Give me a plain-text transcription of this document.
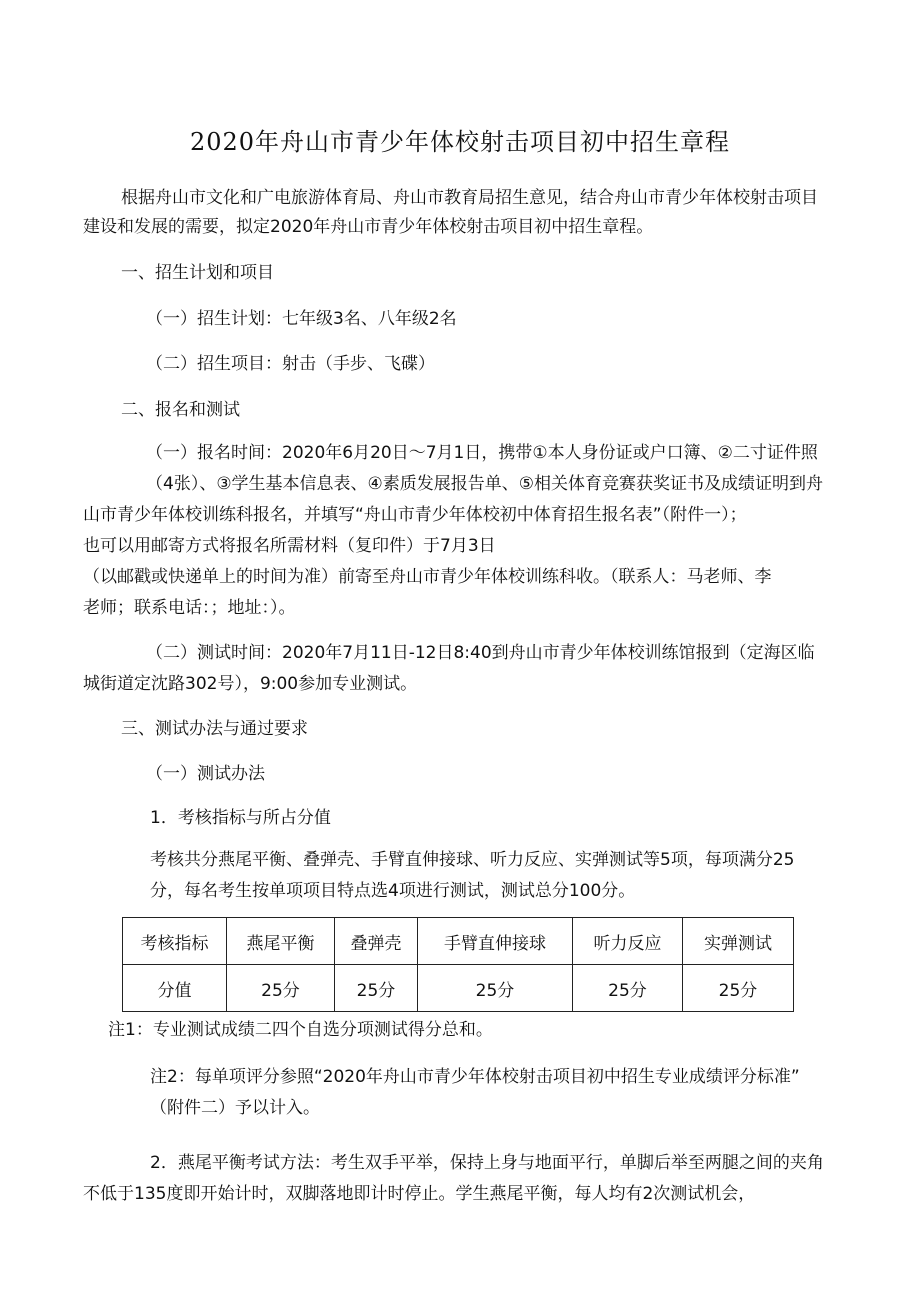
2020年舟山市青少年体校射击项目初中招生章程
根据舟山市文化和广电旅游体育局、舟山市教育局招生意见，结合舟山市青少年体校射击项目
建设和发展的需要，拟定2020年舟山市青少年体校射击项目初中招生章程。
一、招生计划和项目
（一）招生计划：七年级3名、八年级2名
（二）招生项目：射击（手步、飞碟）
二、报名和测试
（一）报名时间：2020年6月20日〜7月1日，携带①本人身份证或户口簿、②二寸证件照
（4张）、③学生基本信息表、④素质发展报告单、⑤相关体育竞赛获奖证书及成绩证明到舟
山市青少年体校训练科报名，并填写“舟山市青少年体校初中体育招生报名表”（附件一）；
也可以用邮寄方式将报名所需材料（复印件）于7月3日
（以邮戳或快递单上的时间为准）前寄至舟山市青少年体校训练科收。（联系人：马老师、李
老师；联系电话：；地址：）。
（二）测试时间：2020年7月11日-12日8:40到舟山市青少年体校训练馆报到（定海区临
城街道定沈路302号），9:00参加专业测试。
三、测试办法与通过要求
（一）测试办法
1．考核指标与所占分值
考核共分燕尾平衡、叠弹壳、手臂直伸接球、听力反应、实弹测试等5项，每项满分25
分，每名考生按单项项目特点选4项进行测试，测试总分100分。
考核指标	燕尾平衡	叠弹壳	手臂直伸接球	听力反应	实弹测试
分值	25分	25分	25分	25分	25分
注1：专业测试成绩二四个自选分项测试得分总和。
注2：每单项评分参照“2020年舟山市青少年体校射击项目初中招生专业成绩评分标准”
（附件二）予以计入。
2．燕尾平衡考试方法：考生双手平举，保持上身与地面平行，单脚后举至两腿之间的夹角
不低于135度即开始计时，双脚落地即计时停止。学生燕尾平衡，每人均有2次测试机会，
